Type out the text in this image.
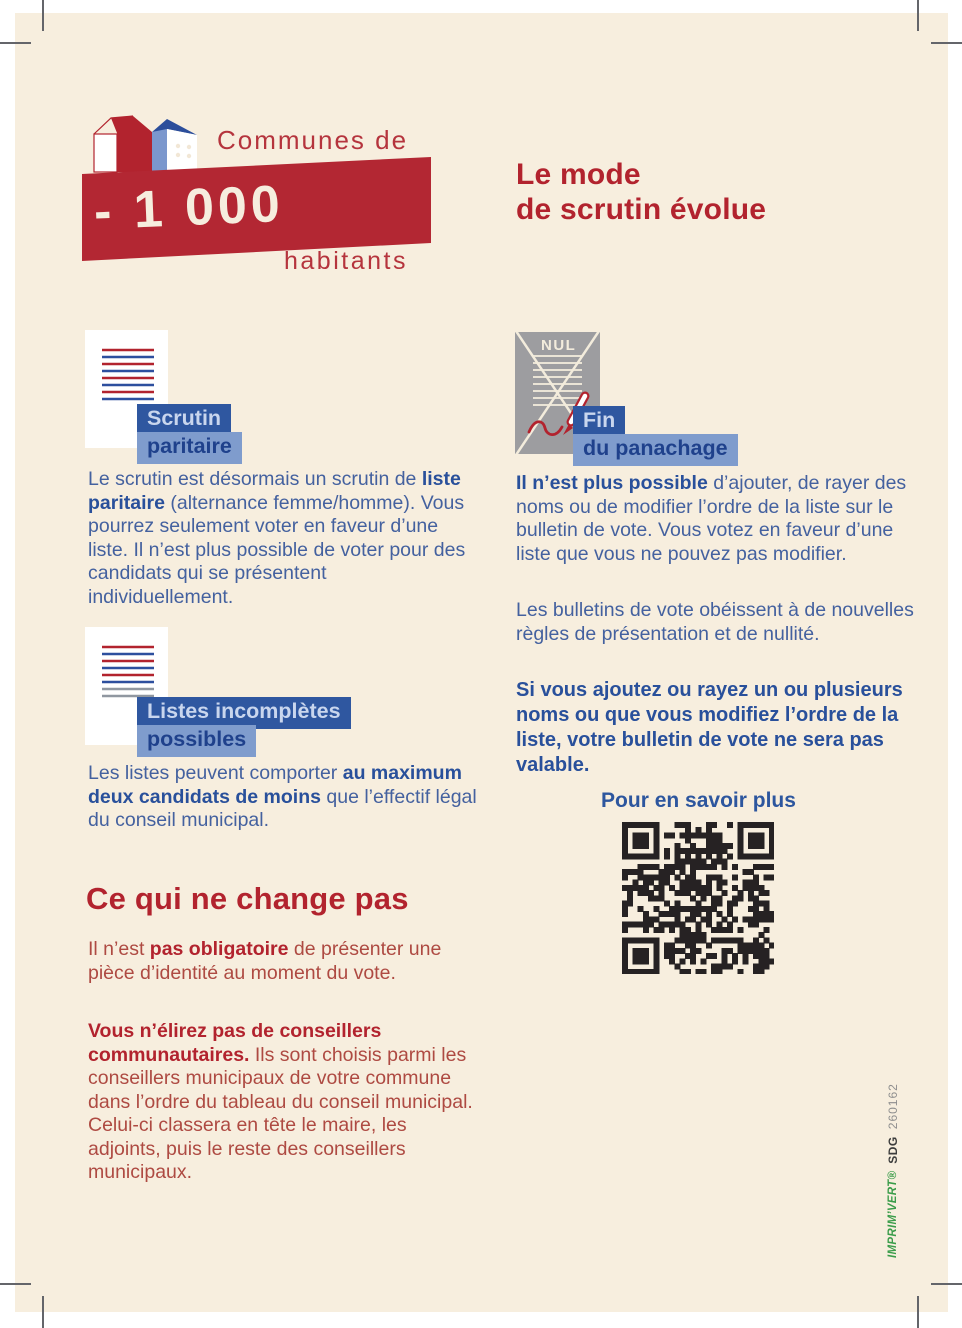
Communes de
- 1 000
habitants
Le mode
de scrutin évolue
Scrutin
paritaire

Le scrutin est désormais un scrutin de liste paritaire (alternance femme/homme). Vous pourrez seulement voter en faveur d’une liste. Il n’est plus possible de voter pour des candidats qui se présentent individuellement.

Listes incomplètes
possibles

Les listes peuvent comporter au maximum deux candidats de moins que l’effectif légal du conseil municipal.

Ce qui ne change pas

Il n’est pas obligatoire de présenter une pièce d’identité au moment du vote.

Vous n’élirez pas de conseillers communautaires. Ils sont choisis parmi les conseillers municipaux de votre commune dans l’ordre du tableau du conseil municipal. Celui-ci classera en tête le maire, les adjoints, puis le reste des conseillers municipaux.

NUL
Fin
du panachage

Il n’est plus possible d’ajouter, de rayer des noms ou de modifier l’ordre de la liste sur le bulletin de vote. Vous votez en faveur d’une liste que vous ne pouvez pas modifier.

Les bulletins de vote obéissent à de nouvelles règles de présentation et de nullité.

Si vous ajoutez ou rayez un ou plusieurs noms ou que vous modifiez l’ordre de la liste, votre bulletin de vote ne sera pas valable.

Pour en savoir plus
IMPRIM’VERT®
SDG
260162
